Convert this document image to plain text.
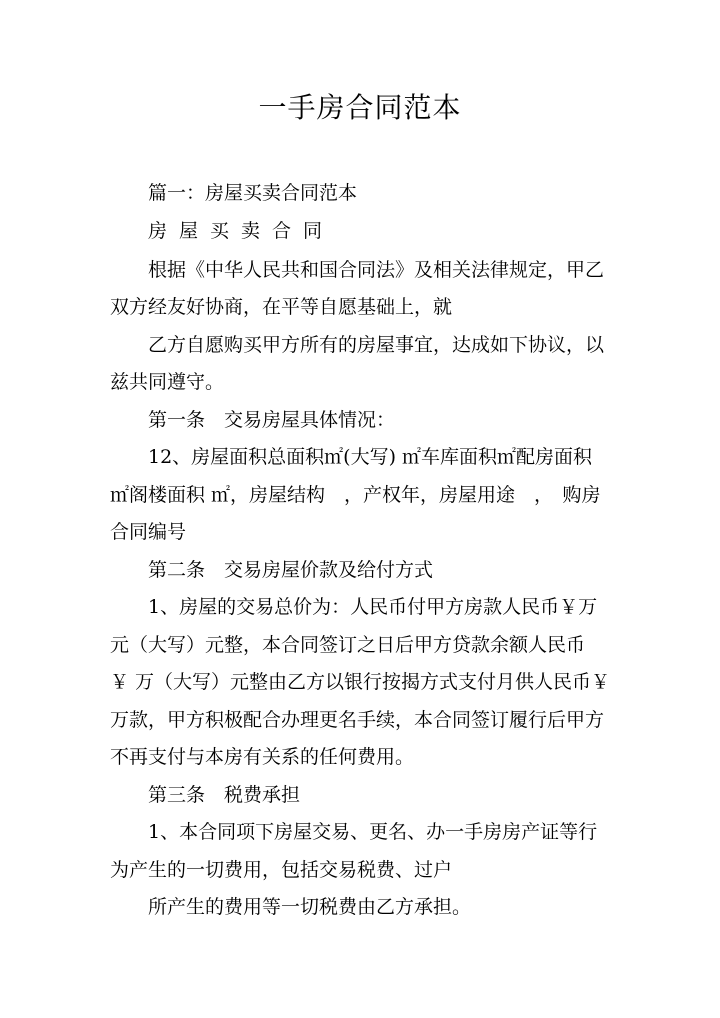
一手房合同范本
篇一：房屋买卖合同范本
房屋买卖合同
根据《中华人民共和国合同法》及相关法律规定，甲乙
双方经友好协商，在平等自愿基础上，就
乙方自愿购买甲方所有的房屋事宜，达成如下协议，以
兹共同遵守。
第一条　交易房屋具体情况：
12、房屋面积总面积㎡(大写) ㎡车库面积㎡配房面积
㎡阁楼面积 ㎡，房屋结构　，产权年，房屋用途　，　购房
合同编号
第二条　交易房屋价款及给付方式
1、房屋的交易总价为：人民币付甲方房款人民币￥万
元（大写）元整，本合同签订之日后甲方贷款余额人民币
￥ 万（大写）元整由乙方以银行按揭方式支付月供人民币￥
万款，甲方积极配合办理更名手续，本合同签订履行后甲方
不再支付与本房有关系的任何费用。
第三条　税费承担
1、本合同项下房屋交易、更名、办一手房房产证等行
为产生的一切费用，包括交易税费、过户
所产生的费用等一切税费由乙方承担。
